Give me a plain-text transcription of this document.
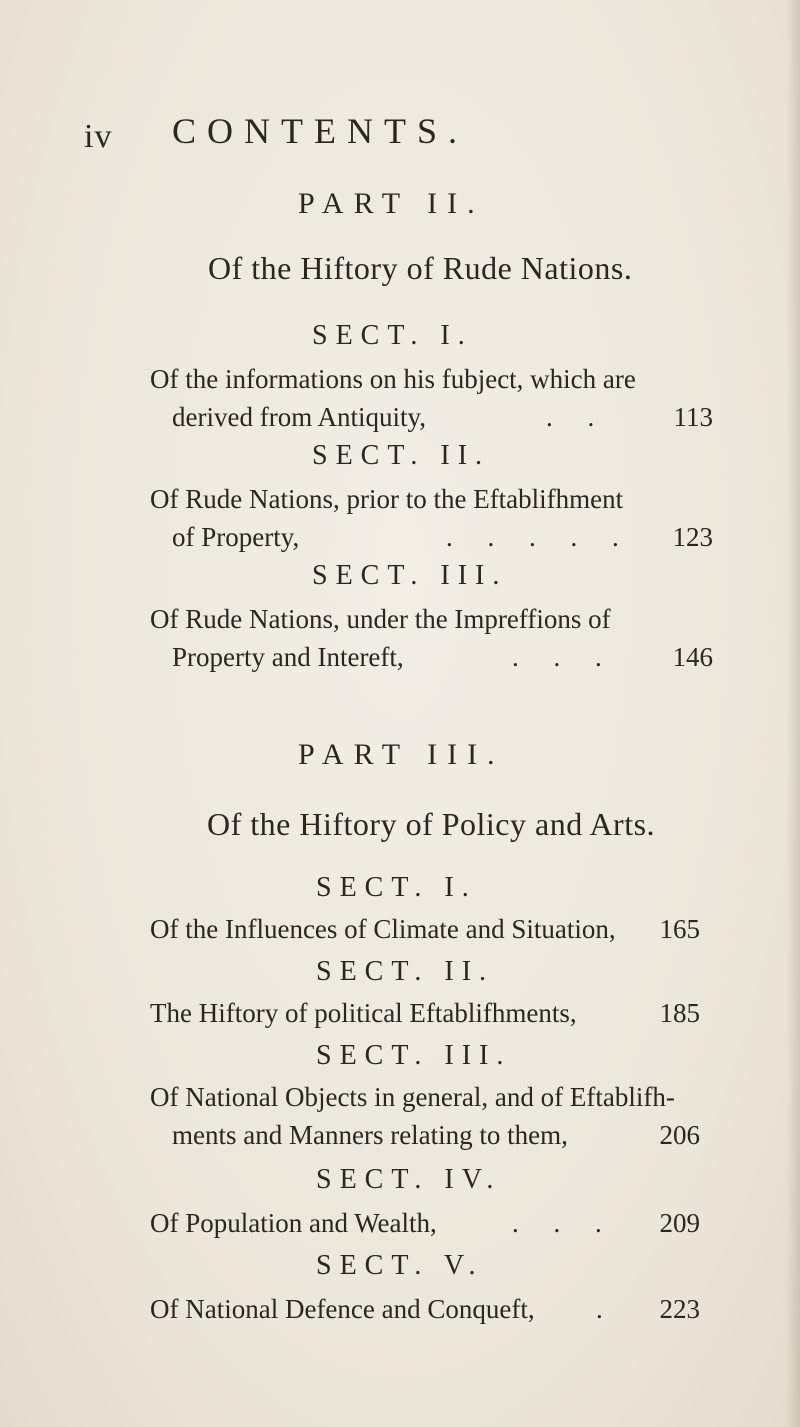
iv CONTENTS.
PART II.
Of the Hiftory of Rude Nations.
SECT. I.
Of the informations on his fubject, which are
derived from Antiquity,	. .	113
SECT. II.
Of Rude Nations, prior to the Eftablifhment
of Property,	. . . . .	123
SECT. III.
Of Rude Nations, under the Impreffions of
Property and Intereft,	. . .	146
PART III.
Of the Hiftory of Policy and Arts.
SECT. I.
Of the Influences of Climate and Situation,	165
SECT. II.
The Hiftory of political Eftablifhments,	185
SECT. III.
Of National Objects in general, and of Eftablifh-
ments and Manners relating to them,	206
SECT. IV.
Of Population and Wealth,	. . .	209
SECT. V.
Of National Defence and Conqueft, .	223
